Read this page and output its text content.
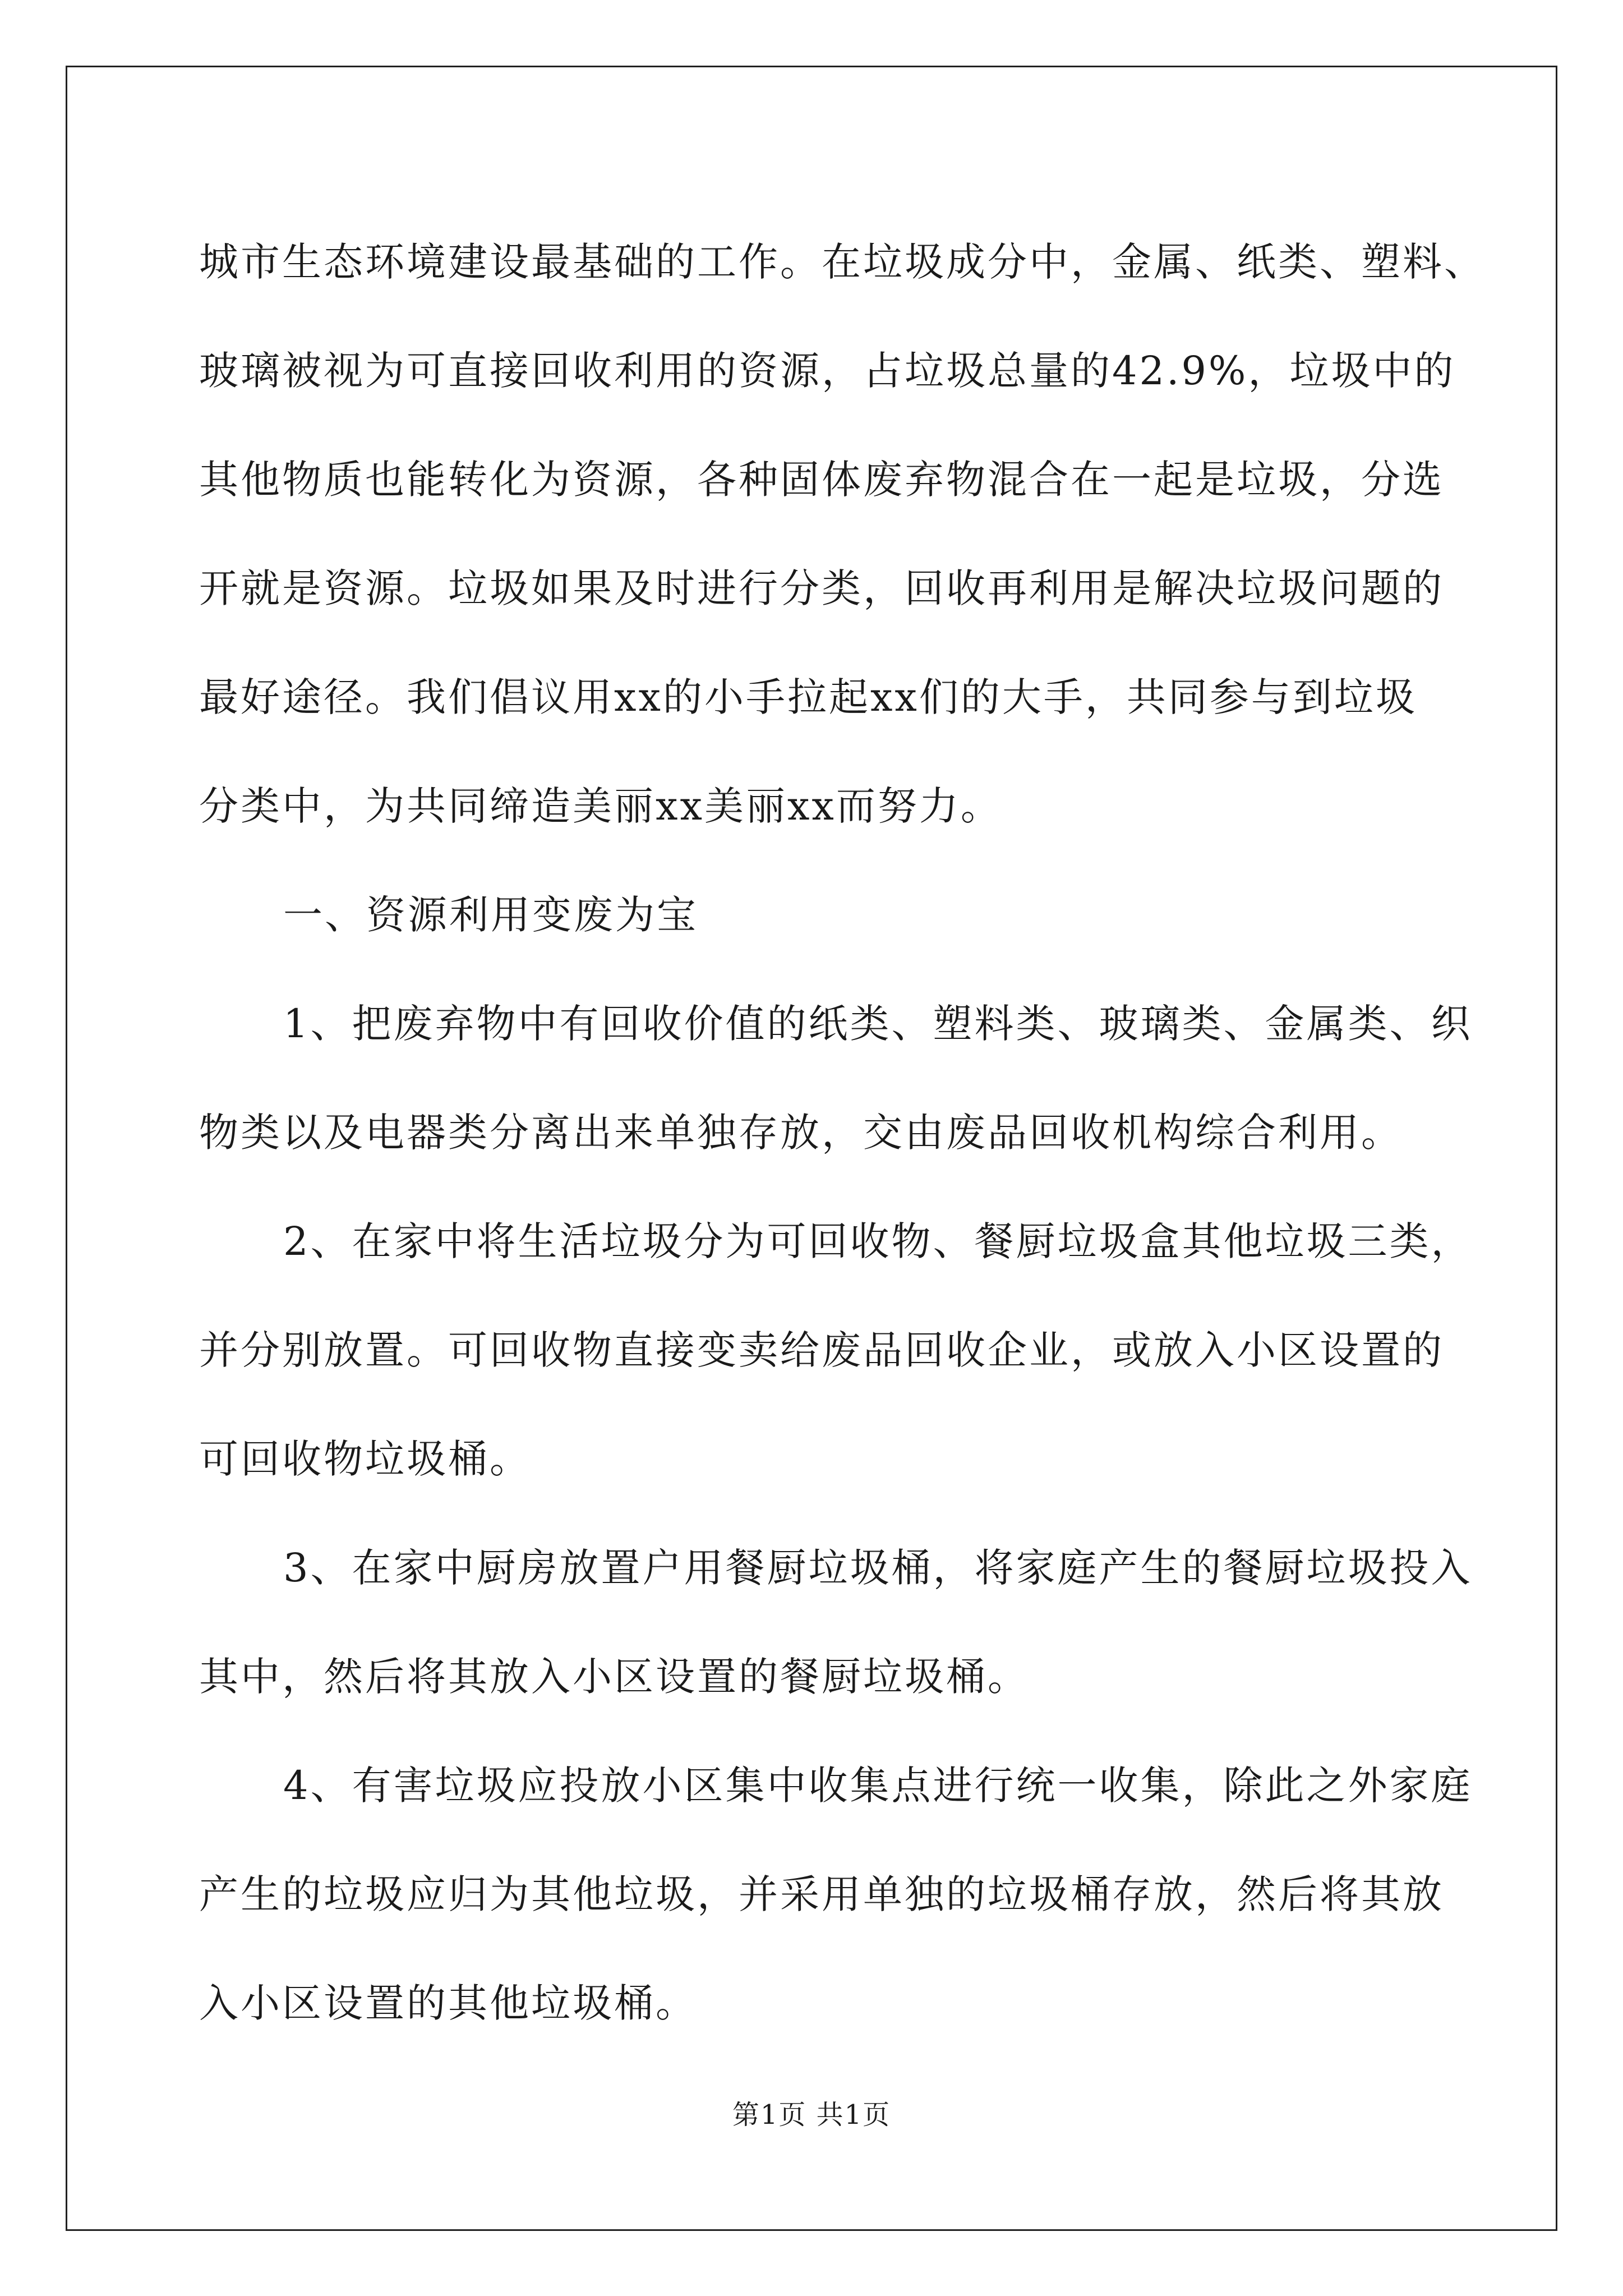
城市生态环境建设最基础的工作。在垃圾成分中，金属、纸类、塑料、

玻璃被视为可直接回收利用的资源，占垃圾总量的42.9%，垃圾中的

其他物质也能转化为资源，各种固体废弃物混合在一起是垃圾，分选

开就是资源。垃圾如果及时进行分类，回收再利用是解决垃圾问题的

最好途径。我们倡议用xx的小手拉起xx们的大手，共同参与到垃圾

分类中，为共同缔造美丽xx美丽xx而努力。

一、资源利用变废为宝

1、把废弃物中有回收价值的纸类、塑料类、玻璃类、金属类、织

物类以及电器类分离出来单独存放，交由废品回收机构综合利用。

2、在家中将生活垃圾分为可回收物、餐厨垃圾盒其他垃圾三类，

并分别放置。可回收物直接变卖给废品回收企业，或放入小区设置的

可回收物垃圾桶。

3、在家中厨房放置户用餐厨垃圾桶，将家庭产生的餐厨垃圾投入

其中，然后将其放入小区设置的餐厨垃圾桶。

4、有害垃圾应投放小区集中收集点进行统一收集，除此之外家庭

产生的垃圾应归为其他垃圾，并采用单独的垃圾桶存放，然后将其放

入小区设置的其他垃圾桶。

第1页 共1页
